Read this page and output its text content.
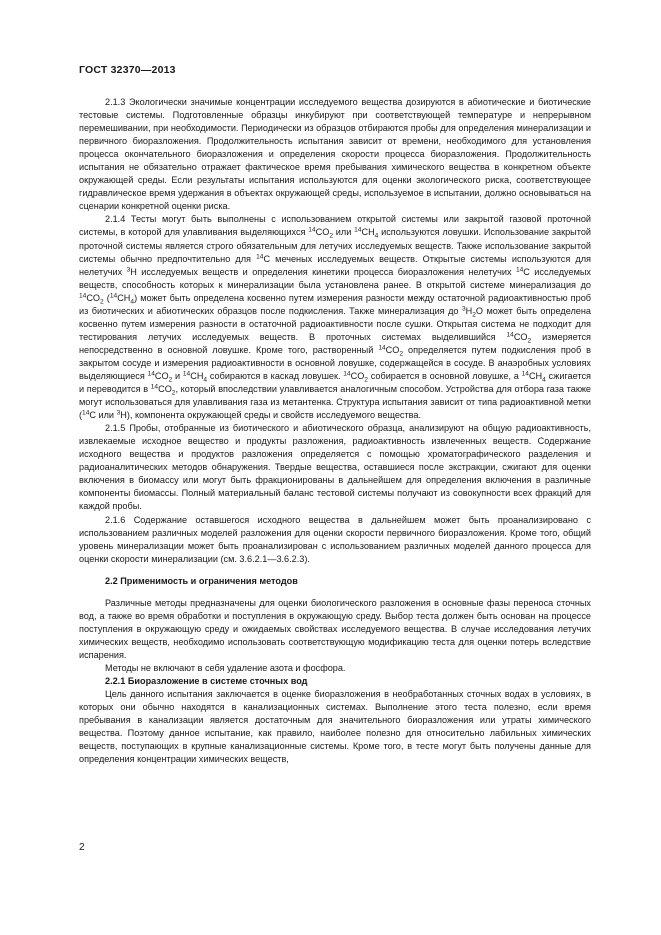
ГОСТ 32370—2013

2.1.3 Экологически значимые концентрации исследуемого вещества дозируются в абиотические и биотические тестовые системы. Подготовленные образцы инкубируют при соответствующей температуре и непрерывном перемешивании, при необходимости. Периодически из образцов отбираются пробы для определения минерализации и первичного биоразложения. Продолжительность испытания зависит от времени, необходимого для установления процесса окончательного биоразложения и определения скорости процесса биоразложения. Продолжительность испытания не обязательно отражает фактическое время пребывания химического вещества в конкретном объекте окружающей среды. Если результаты испытания используются для оценки экологического риска, соответствующее гидравлическое время удержания в объектах окружающей среды, используемое в испытании, должно основываться на сценарии конкретной оценки риска.

2.1.4 Тесты могут быть выполнены с использованием открытой системы или закрытой газовой проточной системы, в которой для улавливания выделяющихся $^{14}CO_2$ или $^{14}CH_4$ используются ловушки. Использование закрытой проточной системы является строго обязательным для летучих исследуемых веществ. Также использование закрытой системы обычно предпочтительно для $^{14}$C меченых исследуемых веществ. Открытые системы используются для нелетучих $^3$H исследуемых веществ и определения кинетики процесса биоразложения нелетучих $^{14}$C исследуемых веществ, способность которых к минерализации была установлена ранее. В открытой системе минерализация до $^{14}CO_2$ $(^{14}CH_4)$ может быть определена косвенно путем измерения разности между остаточной радиоактивностью проб из биотических и абиотических образцов после подкисления. Также минерализация до $^3H_2O$ может быть определена косвенно путем измерения разности в остаточной радиоактивности после сушки. Открытая система не подходит для тестирования летучих исследуемых веществ. В проточных системах выделившийся $^{14}CO_2$ измеряется непосредственно в основной ловушке. Кроме того, растворенный $^{14}CO_2$ определяется путем подкисления проб в закрытом сосуде и измерения радиоактивности в основной ловушке, содержащейся в сосуде. В анаэробных условиях выделяющиеся $^{14}CO_2$ и $^{14}CH_4$ собираются в каскад ловушек. $^{14}CO_2$ собирается в основной ловушке, а $^{14}CH_4$ сжигается и переводится в $^{14}CO_2$, который впоследствии улавливается аналогичным способом. Устройства для отбора газа также могут использоваться для улавливания газа из метантенка. Структура испытания зависит от типа радиоактивной метки ($^{14}$C или $^3$H), компонента окружающей среды и свойств исследуемого вещества.

2.1.5 Пробы, отобранные из биотического и абиотического образца, анализируют на общую радиоактивность, извлекаемые исходное вещество и продукты разложения, радиоактивность извлеченных веществ. Содержание исходного вещества и продуктов разложения определяется с помощью хроматографического разделения и радиоаналитических методов обнаружения. Твердые вещества, оставшиеся после экстракции, сжигают для оценки включения в биомассу или могут быть фракционированы в дальнейшем для определения включения в различные компоненты биомассы. Полный материальный баланс тестовой системы получают из совокупности всех фракций для каждой пробы.

2.1.6 Содержание оставшегося исходного вещества в дальнейшем может быть проанализировано с использованием различных моделей разложения для оценки скорости первичного биоразложения. Кроме того, общий уровень минерализации может быть проанализирован с использованием различных моделей данного процесса для оценки скорости минерализации (см. 3.6.2.1—3.6.2.3).

2.2 Применимость и ограничения методов

Различные методы предназначены для оценки биологического разложения в основные фазы переноса сточных вод, а также во время обработки и поступления в окружающую среду. Выбор теста должен быть основан на процессе поступления в окружающую среду и ожидаемых свойствах исследуемого вещества. В случае исследования летучих химических веществ, необходимо использовать соответствующую модификацию теста для оценки потерь вследствие испарения.

Методы не включают в себя удаление азота и фосфора.

2.2.1 Биоразложение в системе сточных вод

Цель данного испытания заключается в оценке биоразложения в необработанных сточных водах в условиях, в которых они обычно находятся в канализационных системах. Выполнение этого теста полезно, если время пребывания в канализации является достаточным для значительного биоразложения или утраты химического вещества. Поэтому данное испытание, как правило, наиболее полезно для относительно лабильных химических веществ, поступающих в крупные канализационные системы. Кроме того, в тесте могут быть получены данные для определения концентрации химических веществ,

2
